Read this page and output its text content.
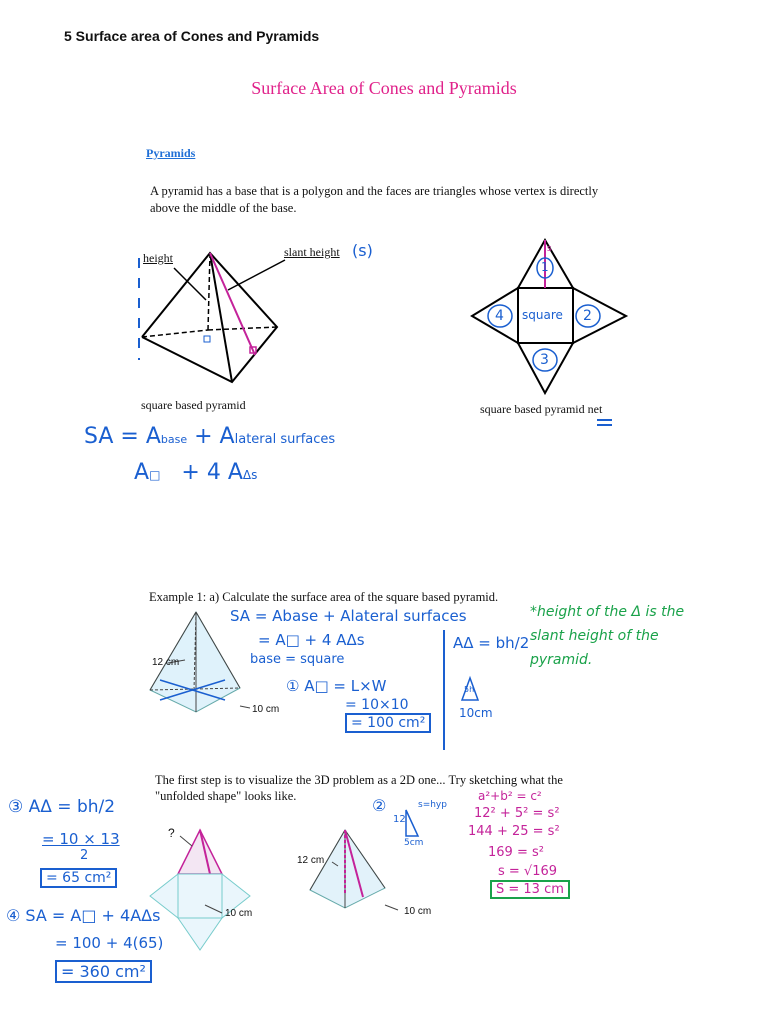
5 Surface area of Cones and Pyramids
Surface Area of Cones and Pyramids
Pyramids
A pyramid has a base that is a polygon and the faces are triangles whose vertex is directly above the middle of the base.
height	slant height (s)
square based pyramid
1
4 square 2
3
s
square based pyramid net
SA = Abase + Alateral surfaces
A□ + 4 AΔs
Example 1: a) Calculate the surface area of the square based pyramid.
12 cm
10 cm
SA = Abase + Alateral surfaces
= A□ + 4 AΔs
base = square
① A□ = L×W
= 10×10
= 100 cm²
AΔ = bh/2
5h
10cm
*height of the Δ is the slant height of the pyramid.
The first step is to visualize the 3D problem as a 2D one... Try sketching what the "unfolded shape" looks like.
?
10 cm
12 cm
10 cm
③ AΔ = bh/2
= 10 × 13
2
= 65 cm²
④ SA = A□ + 4AΔs
= 100 + 4(65)
= 360 cm²
②
12
s=hyp
5cm
a²+b² = c²
12² + 5² = s²
144 + 25 = s²
169 = s²
s = √169
S = 13 cm
